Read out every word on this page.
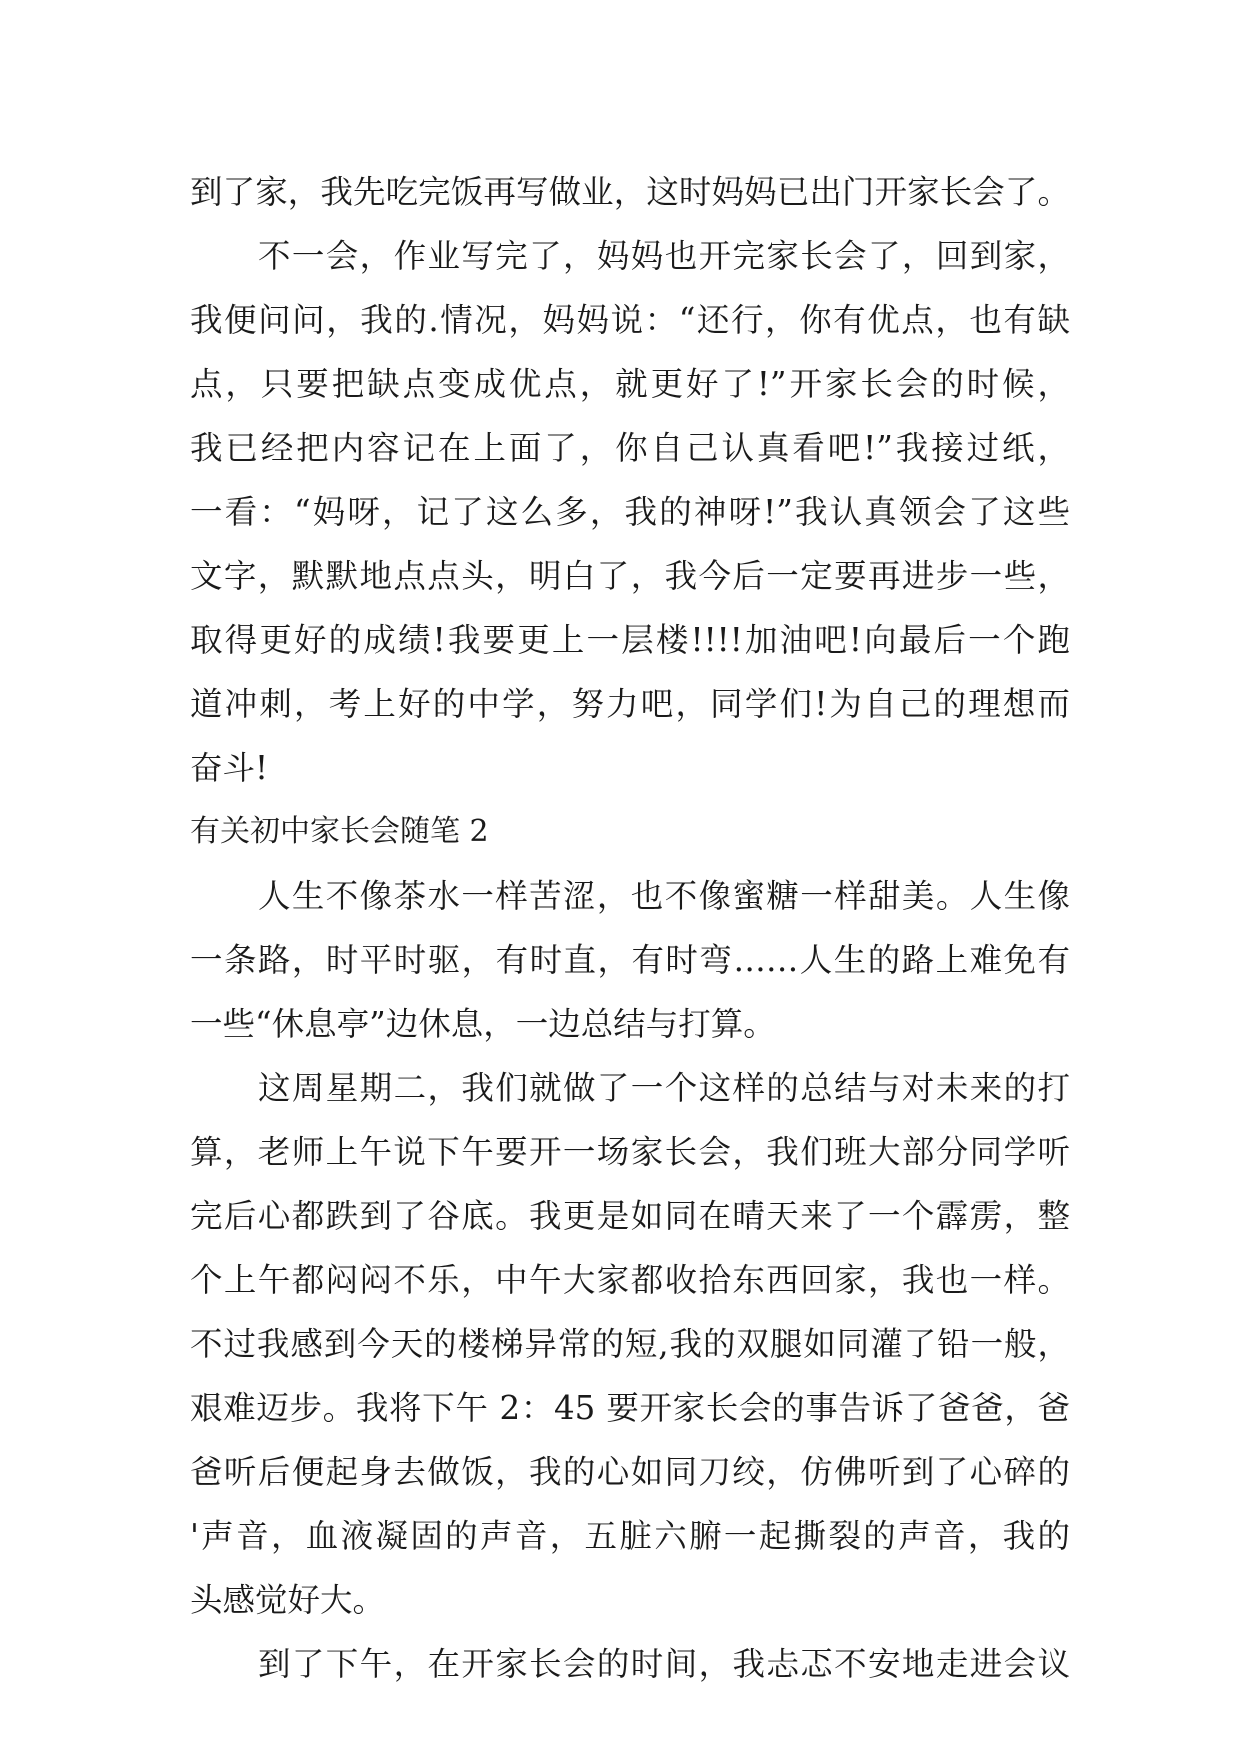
到了家，我先吃完饭再写做业，这时妈妈已出门开家长会了。
不一会，作业写完了，妈妈也开完家长会了，回到家，
我便问问，我的.情况，妈妈说：“还行，你有优点，也有缺
点，只要把缺点变成优点，就更好了!”开家长会的时候，
我已经把内容记在上面了，你自己认真看吧!”我接过纸，
一看：“妈呀，记了这么多，我的神呀!”我认真领会了这些
文字，默默地点点头，明白了，我今后一定要再进步一些，
取得更好的成绩!我要更上一层楼!!!!加油吧!向最后一个跑
道冲刺，考上好的中学，努力吧，同学们!为自己的理想而
奋斗!
有关初中家长会随笔 2
人生不像茶水一样苦涩，也不像蜜糖一样甜美。人生像
一条路，时平时驱，有时直，有时弯……人生的路上难免有
一些“休息亭”边休息，一边总结与打算。
这周星期二，我们就做了一个这样的总结与对未来的打
算，老师上午说下午要开一场家长会，我们班大部分同学听
完后心都跌到了谷底。我更是如同在晴天来了一个霹雳，整
个上午都闷闷不乐，中午大家都收拾东西回家，我也一样。
不过我感到今天的楼梯异常的短,我的双腿如同灌了铅一般，
艰难迈步。我将下午 2：45 要开家长会的事告诉了爸爸，爸
爸听后便起身去做饭，我的心如同刀绞，仿佛听到了心碎的
'声音，血液凝固的声音，五脏六腑一起撕裂的声音，我的
头感觉好大。
到了下午，在开家长会的时间，我忐忑不安地走进会议
